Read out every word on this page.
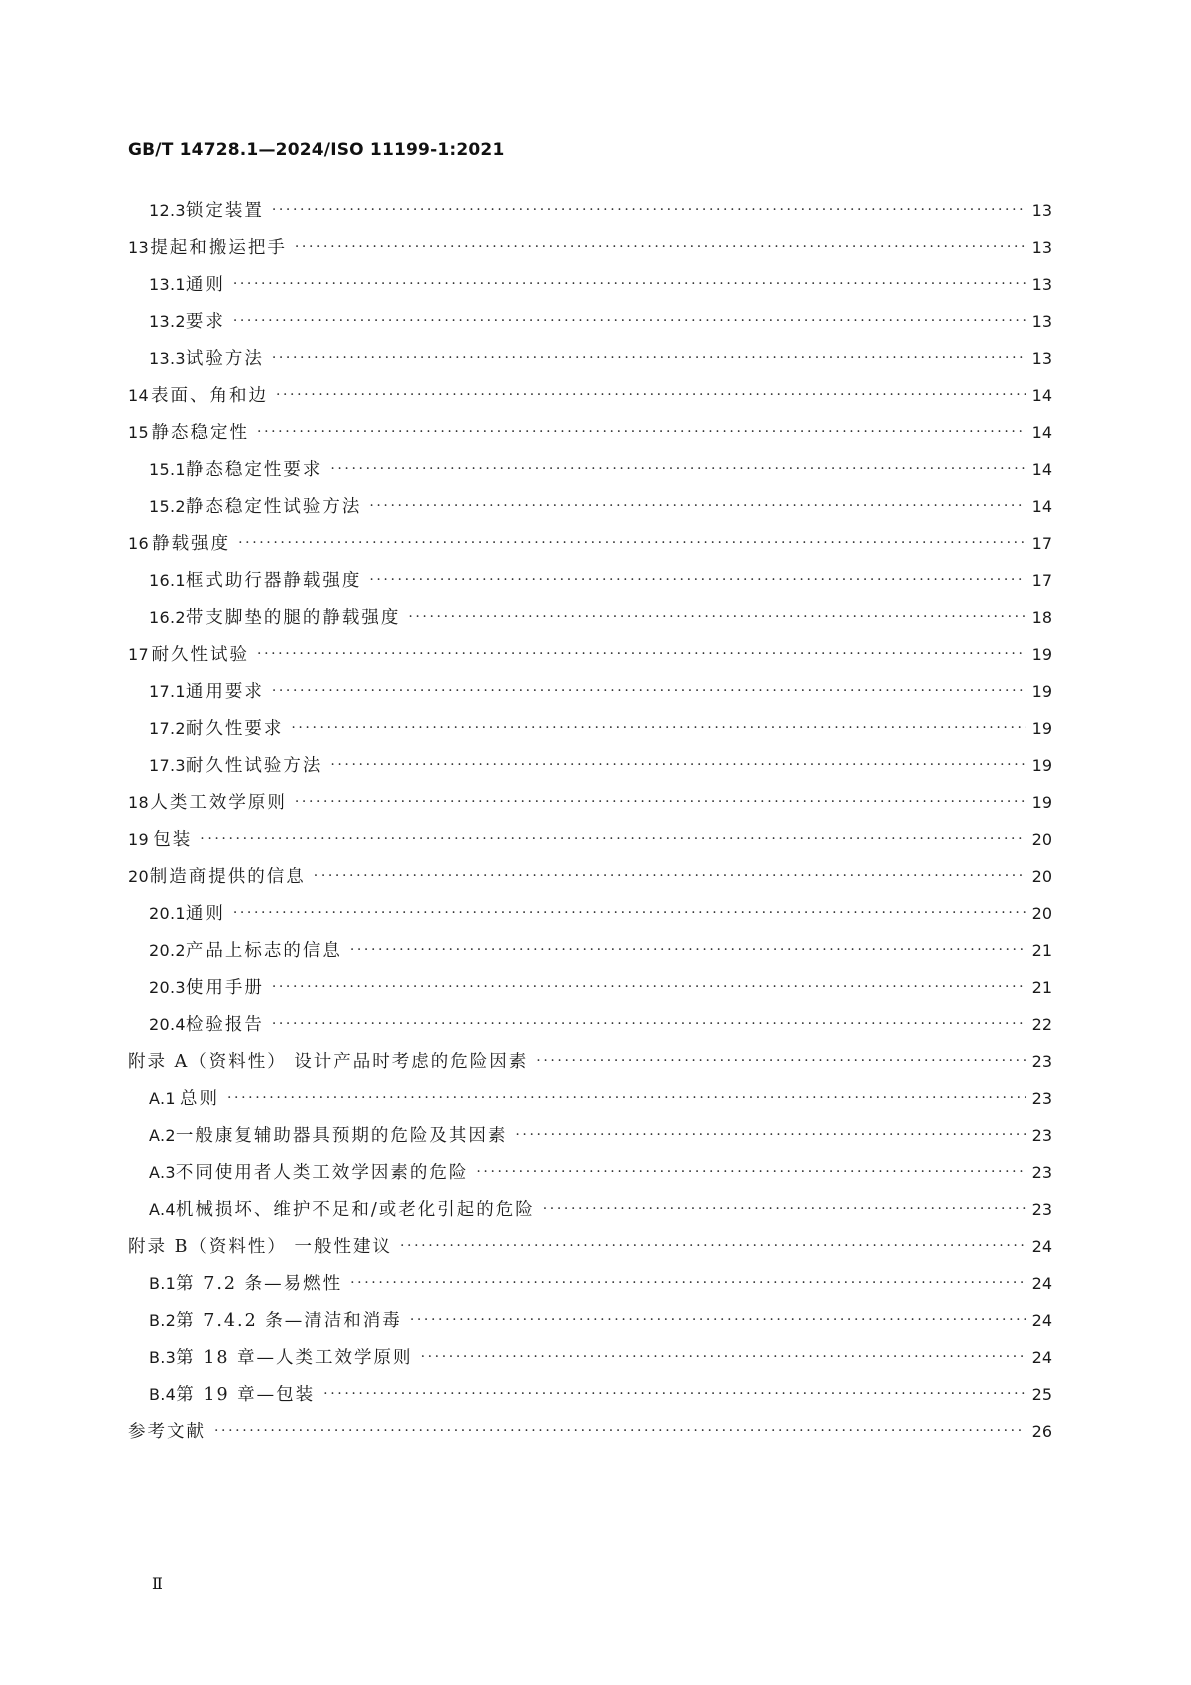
GB/T 14728.1—2024/ISO 11199-1:2021
12.3 锁定装置 ·····	13
13 提起和搬运把手 ·····	13
13.1 通则 ·····	13
13.2 要求 ·····	13
13.3 试验方法 ·····	13
14 表面、角和边 ·····	14
15 静态稳定性 ·····	14
15.1 静态稳定性要求 ·····	14
15.2 静态稳定性试验方法 ·····	14
16 静载强度 ·····	17
16.1 框式助行器静载强度 ·····	17
16.2 带支脚垫的腿的静载强度 ·····	18
17 耐久性试验 ·····	19
17.1 通用要求 ·····	19
17.2 耐久性要求 ·····	19
17.3 耐久性试验方法 ·····	19
18 人类工效学原则 ·····	19
19 包装 ·····	20
20 制造商提供的信息 ·····	20
20.1 通则 ·····	20
20.2 产品上标志的信息 ·····	21
20.3 使用手册 ·····	21
20.4 检验报告 ·····	22
附录 A（资料性） 设计产品时考虑的危险因素 ·····	23
A.1 总则 ·····	23
A.2 一般康复辅助器具预期的危险及其因素 ·····	23
A.3 不同使用者人类工效学因素的危险 ·····	23
A.4 机械损坏、维护不足和/或老化引起的危险 ·····	23
附录 B（资料性） 一般性建议 ·····	24
B.1 第 7.2 条—易燃性 ·····	24
B.2 第 7.4.2 条—清洁和消毒 ·····	24
B.3 第 18 章—人类工效学原则 ·····	24
B.4 第 19 章—包装 ·····	25
参考文献 ·····	26
Ⅱ
